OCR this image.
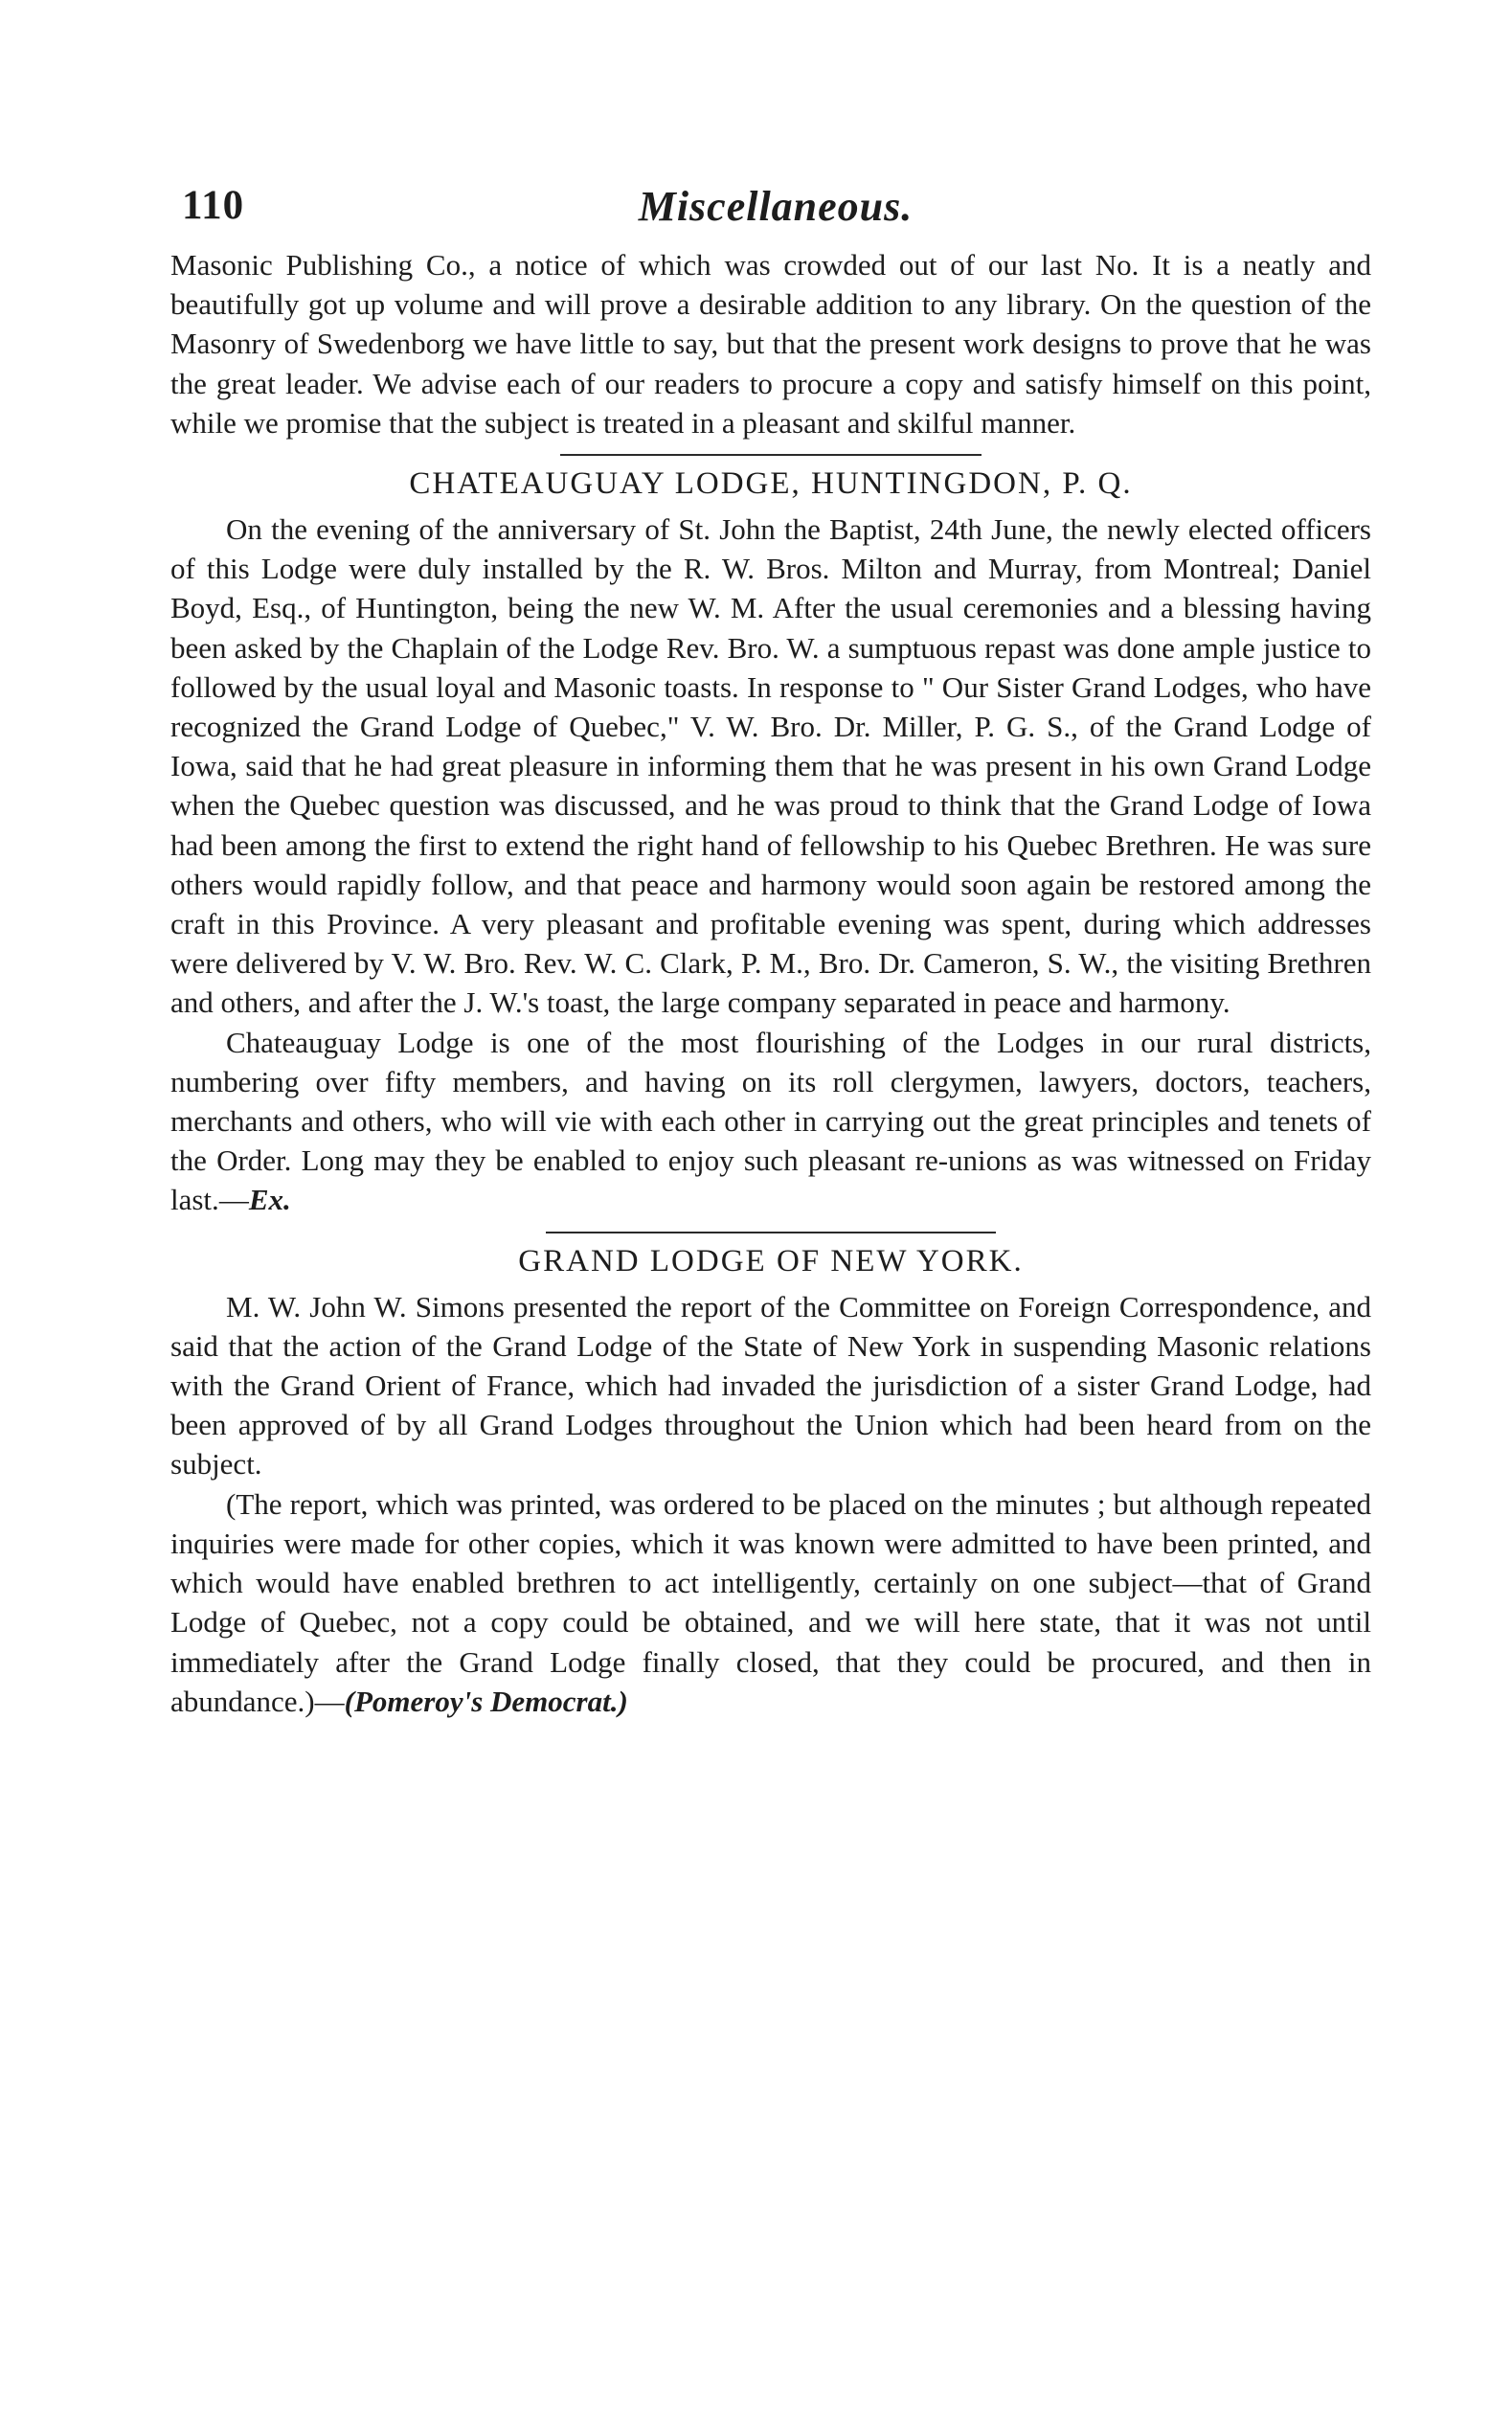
Miscellaneous.
110

Masonic Publishing Co., a notice of which was crowded out of our last No. It is a neatly and beautifully got up volume and will prove a desirable addition to any library. On the question of the Masonry of Swedenborg we have little to say, but that the present work designs to prove that he was the great leader. We advise each of our readers to procure a copy and satisfy himself on this point, while we promise that the subject is treated in a pleasant and skilful manner.

CHATEAUGUAY LODGE, HUNTINGDON, P. Q.

On the evening of the anniversary of St. John the Baptist, 24th June, the newly elected officers of this Lodge were duly installed by the R. W. Bros. Milton and Murray, from Montreal; Daniel Boyd, Esq., of Huntington, being the new W. M. After the usual ceremonies and a blessing having been asked by the Chaplain of the Lodge Rev. Bro. W. a sumptuous repast was done ample justice to followed by the usual loyal and Masonic toasts. In response to " Our Sister Grand Lodges, who have recognized the Grand Lodge of Quebec," V. W. Bro. Dr. Miller, P. G. S., of the Grand Lodge of Iowa, said that he had great pleasure in informing them that he was present in his own Grand Lodge when the Quebec question was discussed, and he was proud to think that the Grand Lodge of Iowa had been among the first to extend the right hand of fellowship to his Quebec Brethren. He was sure others would rapidly follow, and that peace and harmony would soon again be restored among the craft in this Province. A very pleasant and profitable evening was spent, during which addresses were delivered by V. W. Bro. Rev. W. C. Clark, P. M., Bro. Dr. Cameron, S. W., the visiting Brethren and others, and after the J. W.'s toast, the large company separated in peace and harmony.

Chateauguay Lodge is one of the most flourishing of the Lodges in our rural districts, numbering over fifty members, and having on its roll clergymen, lawyers, doctors, teachers, merchants and others, who will vie with each other in carrying out the great principles and tenets of the Order. Long may they be enabled to enjoy such pleasant re-unions as was witnessed on Friday last.—Ex.

GRAND LODGE OF NEW YORK.

M. W. John W. Simons presented the report of the Committee on Foreign Correspondence, and said that the action of the Grand Lodge of the State of New York in suspending Masonic relations with the Grand Orient of France, which had invaded the jurisdiction of a sister Grand Lodge, had been approved of by all Grand Lodges throughout the Union which had been heard from on the subject.

(The report, which was printed, was ordered to be placed on the minutes ; but although repeated inquiries were made for other copies, which it was known were admitted to have been printed, and which would have enabled brethren to act intelligently, certainly on one subject—that of Grand Lodge of Quebec, not a copy could be obtained, and we will here state, that it was not until immediately after the Grand Lodge finally closed, that they could be procured, and then in abundance.)—(Pomeroy's Democrat.)
